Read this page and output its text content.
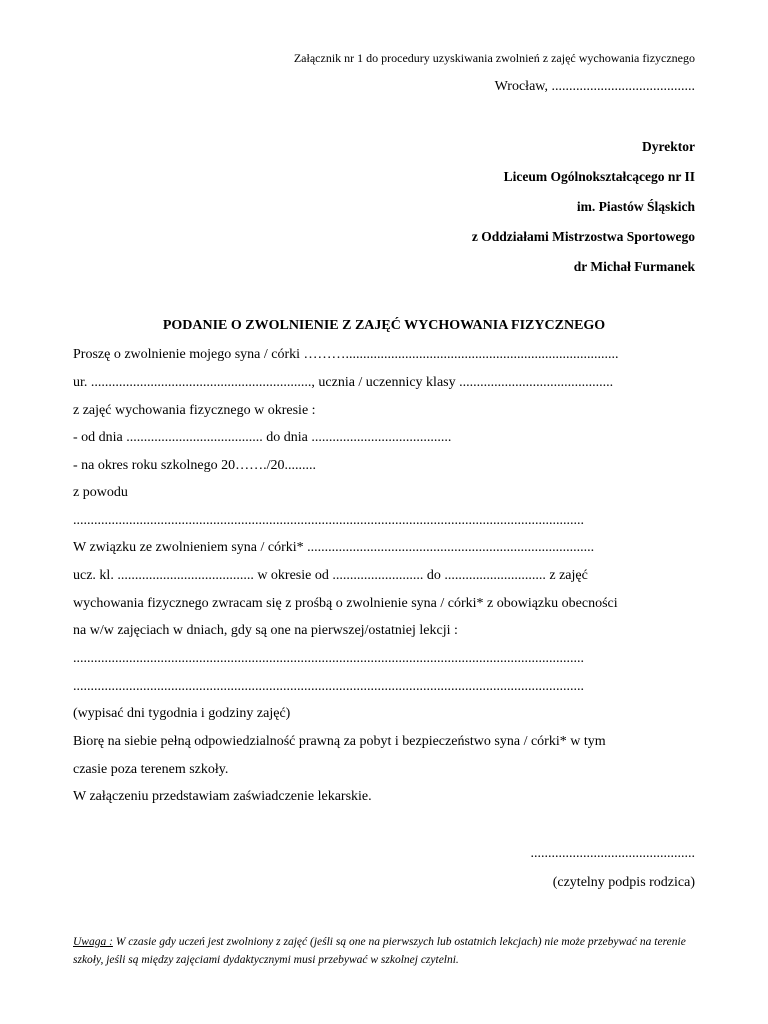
Załącznik nr 1 do procedury uzyskiwania zwolnień z zajęć wychowania fizycznego
Wrocław, .........................................
Dyrektor
Liceum Ogólnokształcącego nr II
im. Piastów Śląskich
z Oddziałami Mistrzostwa Sportowego
dr Michał Furmanek
PODANIE O ZWOLNIENIE Z ZAJĘĆ WYCHOWANIA FIZYCZNEGO
Proszę o zwolnienie mojego syna / córki ………..............................................................................
ur. ..............................................................., ucznia / uczennicy klasy ............................................
z zajęć wychowania fizycznego w okresie :
- od dnia ....................................... do dnia ........................................
- na okres roku szkolnego 20……./20.........
z powodu
..................................................................................................................................................
W związku ze zwolnieniem syna / córki* ..................................................................................
ucz. kl. ....................................... w okresie od .......................... do ............................. z zajęć
wychowania fizycznego zwracam się z prośbą o zwolnienie syna / córki* z obowiązku obecności
na w/w zajęciach w dniach, gdy są one na pierwszej/ostatniej lekcji :
..................................................................................................................................................
..................................................................................................................................................
(wypisać dni tygodnia i godziny zajęć)
Biorę na siebie pełną odpowiedzialność prawną za pobyt i bezpieczeństwo syna / córki* w tym
czasie poza terenem szkoły.
W załączeniu przedstawiam zaświadczenie lekarskie.
...............................................
(czytelny podpis rodzica)
Uwaga : W czasie gdy uczeń jest zwolniony z zajęć (jeśli są one na pierwszych lub ostatnich lekcjach) nie może przebywać na terenie szkoły, jeśli są między zajęciami dydaktycznymi musi przebywać w szkolnej czytelni.
